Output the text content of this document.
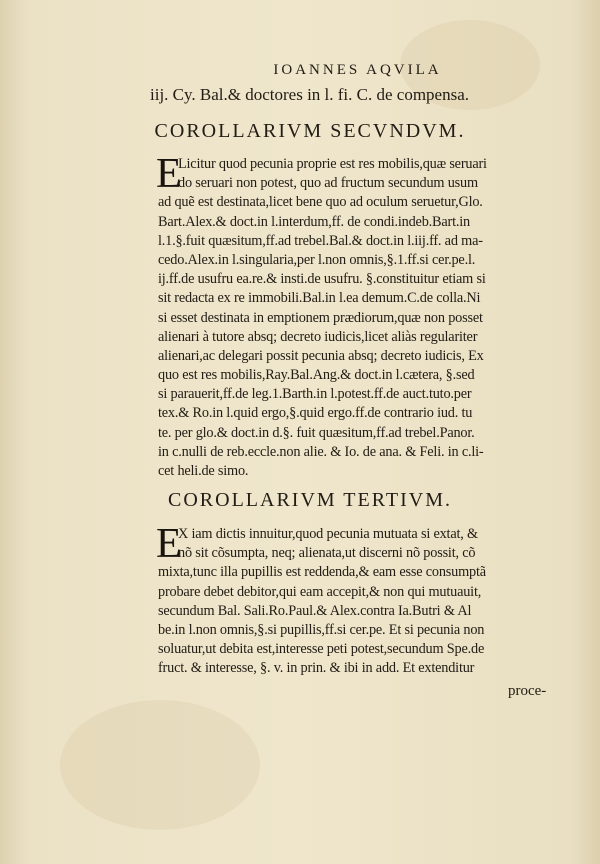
IOANNES AQVILA
iij. Cy. Bal.& doctores in l. fi. C. de compensa.
COROLLARIVM SECVNDVM.
E
Licitur quod pecunia proprie est res mobilis,quæ seruari
do seruari non potest, quo ad fructum secundum usum
ad quẽ est destinata,licet bene quo ad oculum seruetur,Glo.
Bart.Alex.& doct.in l.interdum,ff. de condi.indeb.Bart.in
l.1.§.fuit quæsitum,ff.ad trebel.Bal.& doct.in l.iij.ff. ad ma-
cedo.Alex.in l.singularia,per l.non omnis,§.1.ff.si cer.pe.l.
ij.ff.de usufru ea.re.& insti.de usufru. §.constituitur etiam si
sit redacta ex re immobili.Bal.in l.ea demum.C.de colla.Ni
si esset destinata in emptionem prædiorum,quæ non posset
alienari à tutore absq; decreto iudicis,licet aliàs regulariter
alienari,ac delegari possit pecunia absq; decreto iudicis, Ex
quo est res mobilis,Ray.Bal.Ang.& doct.in l.cætera, §.sed
si parauerit,ff.de leg.1.Barth.in l.potest.ff.de auct.tuto.per
tex.& Ro.in l.quid ergo,§.quid ergo.ff.de contrario iud. tu
te. per glo.& doct.in d.§. fuit quæsitum,ff.ad trebel.Panor.
in c.nulli de reb.eccle.non alie. & Io. de ana. & Feli. in c.li-
cet heli.de simo.
COROLLARIVM TERTIVM.
E
X iam dictis innuitur,quod pecunia mutuata si extat, &
nõ sit cõsumpta, neq; alienata,ut discerni nõ possit, cõ
mixta,tunc illa pupillis est reddenda,& eam esse consumptã
probare debet debitor,qui eam accepit,& non qui mutuauit,
secundum Bal. Sali.Ro.Paul.& Alex.contra Ia.Butri & Al
be.in l.non omnis,§.si pupillis,ff.si cer.pe. Et si pecunia non
soluatur,ut debita est,interesse peti potest,secundum Spe.de
fruct. & interesse, §. v. in prin. & ibi in add. Et extenditur
proce-
